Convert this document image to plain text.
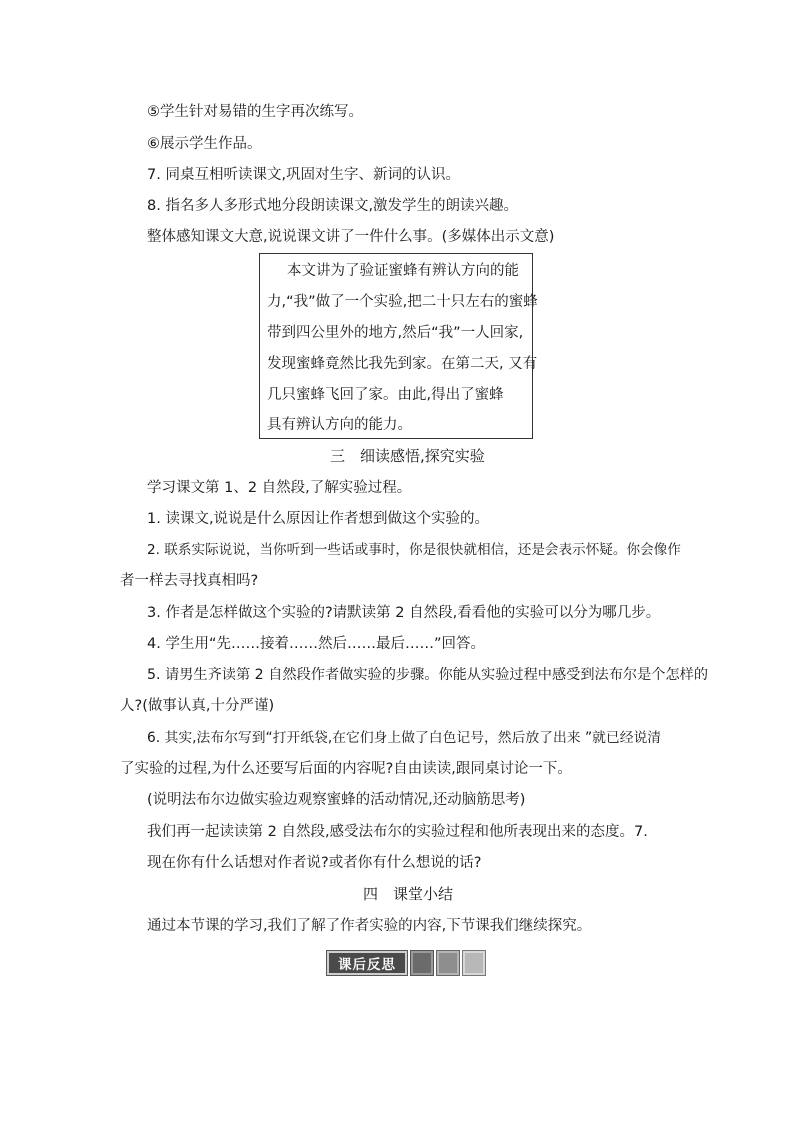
⑤学生针对易错的生字再次练写。
⑥展示学生作品。
7. 同桌互相听读课文,巩固对生字、新词的认识。
8. 指名多人多形式地分段朗读课文,激发学生的朗读兴趣。
整体感知课文大意,说说课文讲了一件什么事。(多媒体出示文意)
本文讲为了验证蜜蜂有辨认方向的能
力,“我”做了一个实验,把二十只左右的蜜蜂
带到四公里外的地方,然后“我”一人回家,
发现蜜蜂竟然比我先到家。在第二天, 又有
几只蜜蜂飞回了家。由此,得出了蜜蜂
具有辨认方向的能力。
三　细读感悟,探究实验
学习课文第 1、2 自然段,了解实验过程。
1. 读课文,说说是什么原因让作者想到做这个实验的。
2. 联系实际说说，当你听到一些话或事时，你是很快就相信，还是会表示怀疑。你会像作
者一样去寻找真相吗?
3. 作者是怎样做这个实验的?请默读第 2 自然段,看看他的实验可以分为哪几步。
4. 学生用“先……接着……然后……最后……”回答。
5. 请男生齐读第 2 自然段作者做实验的步骤。你能从实验过程中感受到法布尔是个怎样的
人?(做事认真,十分严谨)
6. 其实,法布尔写到“打开纸袋,在它们身上做了白色记号，然后放了出来 ”就已经说清
了实验的过程,为什么还要写后面的内容呢?自由读读,跟同桌讨论一下。
(说明法布尔边做实验边观察蜜蜂的活动情况,还动脑筋思考)
我们再一起读读第 2 自然段,感受法布尔的实验过程和他所表现出来的态度。7.
现在你有什么话想对作者说?或者你有什么想说的话?
四　课堂小结
通过本节课的学习,我们了解了作者实验的内容,下节课我们继续探究。
课后反思
